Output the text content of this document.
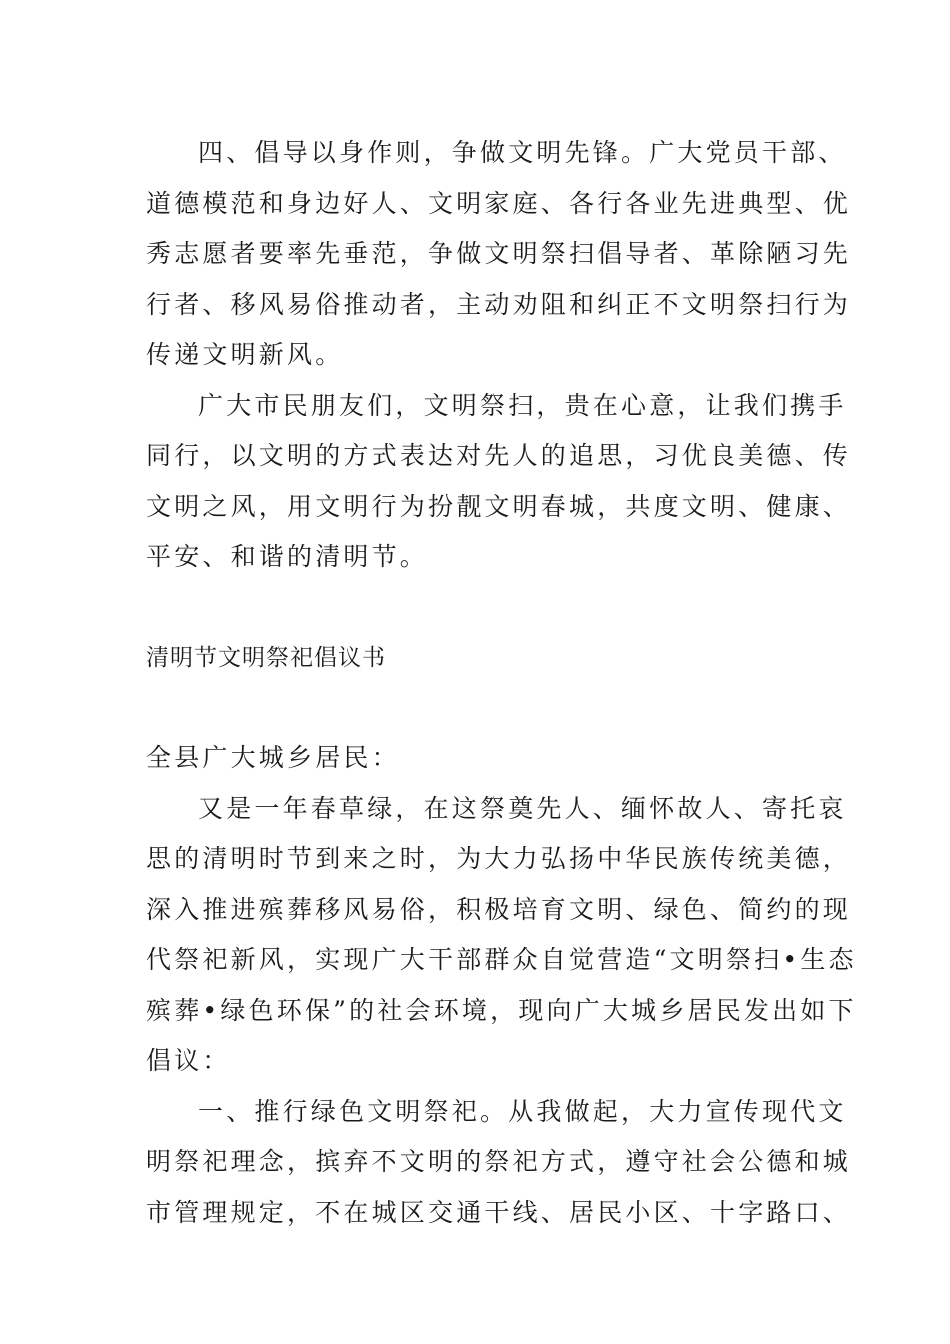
四、倡导以身作则，争做文明先锋。广大党员干部、
道德模范和身边好人、文明家庭、各行各业先进典型、优
秀志愿者要率先垂范，争做文明祭扫倡导者、革除陋习先
行者、移风易俗推动者，主动劝阻和纠正不文明祭扫行为
传递文明新风。
广大市民朋友们，文明祭扫，贵在心意，让我们携手
同行，以文明的方式表达对先人的追思，习优良美德、传
文明之风，用文明行为扮靓文明春城，共度文明、健康、
平安、和谐的清明节。
清明节文明祭祀倡议书
全县广大城乡居民：
又是一年春草绿，在这祭奠先人、缅怀故人、寄托哀
思的清明时节到来之时，为大力弘扬中华民族传统美德，
深入推进殡葬移风易俗，积极培育文明、绿色、简约的现
代祭祀新风，实现广大干部群众自觉营造“文明祭扫•生态
殡葬•绿色环保”的社会环境，现向广大城乡居民发出如下
倡议：
一、推行绿色文明祭祀。从我做起，大力宣传现代文
明祭祀理念，摈弃不文明的祭祀方式，遵守社会公德和城
市管理规定，不在城区交通干线、居民小区、十字路口、
